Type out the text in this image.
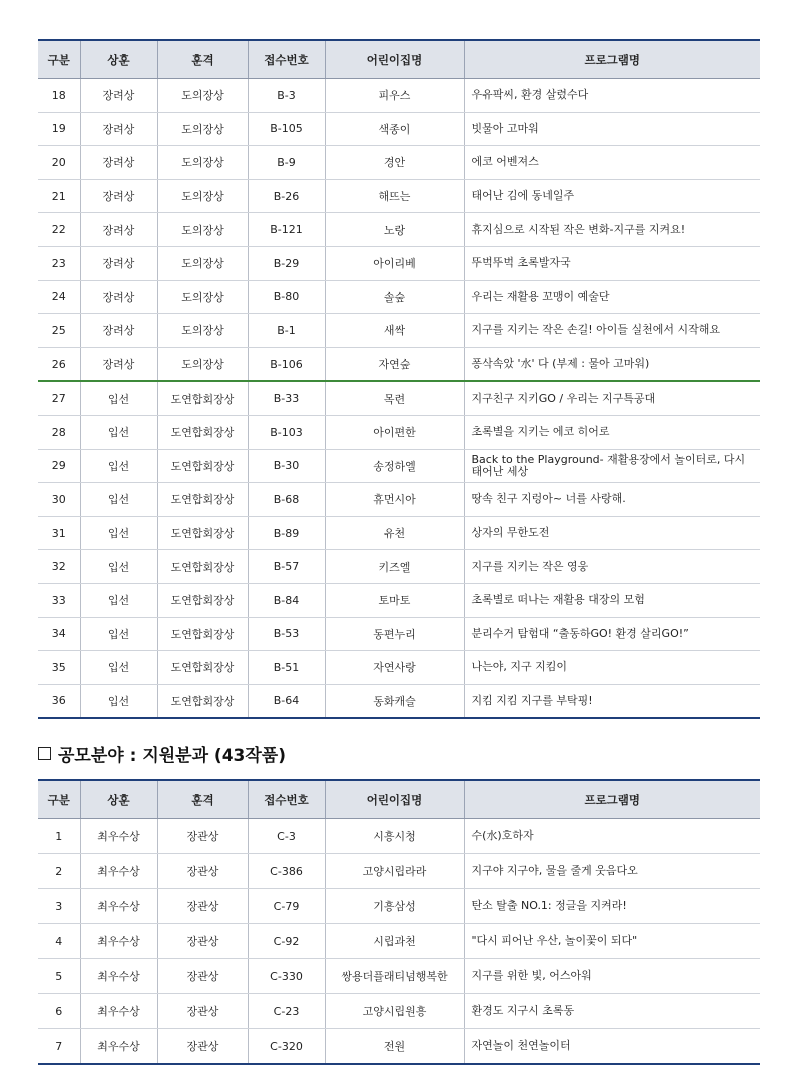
구분	상훈	훈격	접수번호	어린이집명	프로그램명
18	장려상	도의장상	B-3	피우스	우유팍씨, 환경 살렸수다
19	장려상	도의장상	B-105	색종이	빗물아 고마워
20	장려상	도의장상	B-9	경안	에코 어벤져스
21	장려상	도의장상	B-26	해뜨는	태어난 김에 동네일주
22	장려상	도의장상	B-121	노랑	휴지심으로 시작된 작은 변화-지구를 지켜요!
23	장려상	도의장상	B-29	아이리베	뚜벅뚜벅 초록발자국
24	장려상	도의장상	B-80	솔숲	우리는 재활용 꼬맹이 예술단
25	장려상	도의장상	B-1	새싹	지구를 지키는 작은 손길! 아이들 실천에서 시작해요
26	장려상	도의장상	B-106	자연숲	퐁삭속았 '水' 다 (부제 : 물아 고마워)
27	입선	도연합회장상	B-33	목련	지구친구 지키GO / 우리는 지구특공대
28	입선	도연합회장상	B-103	아이편한	초록별을 지키는 에코 히어로
29	입선	도연합회장상	B-30	송정하엘	Back to the Playground- 재활용장에서 놀이터로, 다시 태어난 세상
30	입선	도연합회장상	B-68	휴먼시아	땅속 친구 지렁아~ 너를 사랑해.
31	입선	도연합회장상	B-89	유천	상자의 무한도전
32	입선	도연합회장상	B-57	키즈엘	지구를 지키는 작은 영웅
33	입선	도연합회장상	B-84	토마토	초록별로 떠나는 재활용 대장의 모험
34	입선	도연합회장상	B-53	동편누리	분리수거 탐험대 “출동하GO! 환경 살리GO!”
35	입선	도연합회장상	B-51	자연사랑	나는야, 지구 지킴이
36	입선	도연합회장상	B-64	동화캐슬	지킴 지킴 지구를 부탁핑!
공모분야 : 지원분과 (43작품)
구분	상훈	훈격	접수번호	어린이집명	프로그램명
1	최우수상	장관상	C-3	시흥시청	수(水)호하자
2	최우수상	장관상	C-386	고양시립라라	지구야 지구야, 물을 줄게 웃음다오
3	최우수상	장관상	C-79	기흥삼성	탄소 탈출 NO.1: 정글을 지켜라!
4	최우수상	장관상	C-92	시립과천	"다시 피어난 우산, 놀이꽃이 되다"
5	최우수상	장관상	C-330	쌍용더플래티넘행복한	지구를 위한 빛, 어스아워
6	최우수상	장관상	C-23	고양시립원흥	환경도 지구시 초록동
7	최우수상	장관상	C-320	전원	자연놀이 천연놀이터
